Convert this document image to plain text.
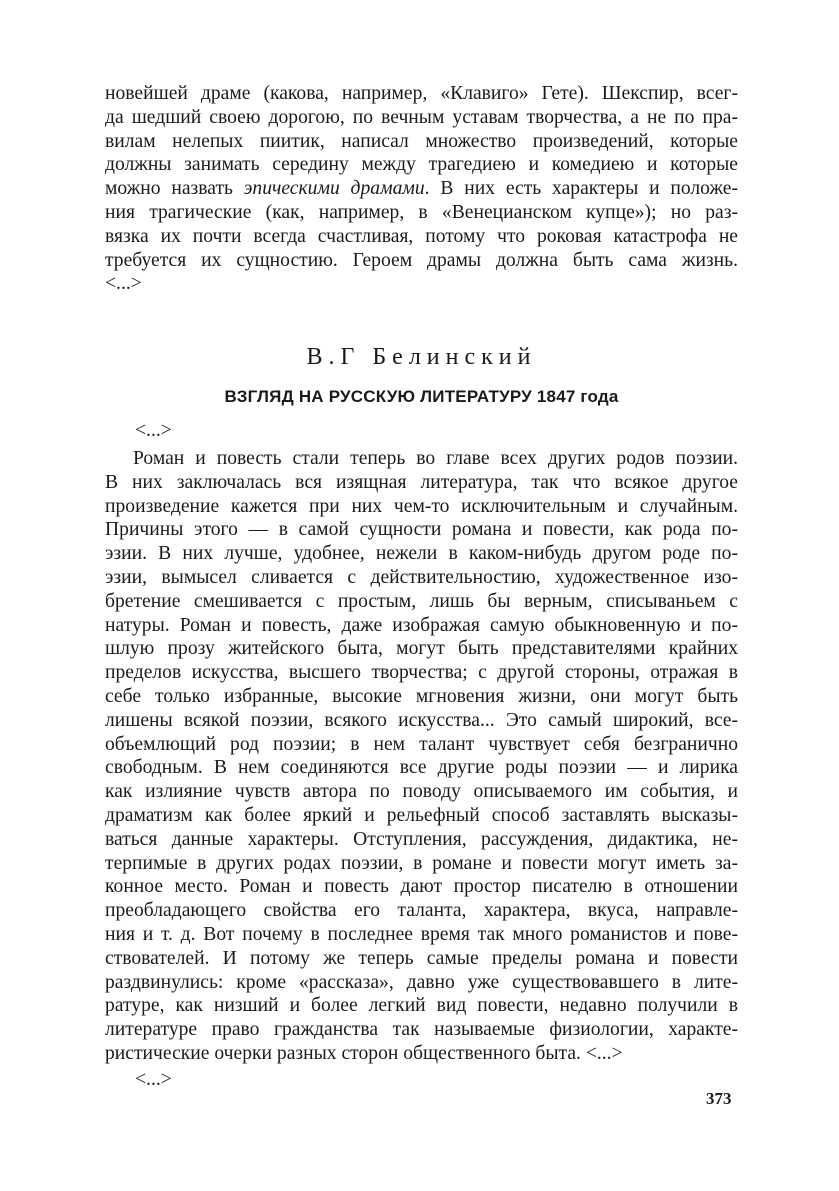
новейшей драме (какова, например, «Клавиго» Гете). Шекспир, всег-
да шедший своею дорогою, по вечным уставам творчества, а не по пра-
вилам нелепых пиитик, написал множество произведений, которые
должны занимать середину между трагедиею и комедиею и которые
можно назвать эпическими драмами. В них есть характеры и положе-
ния трагические (как, например, в «Венецианском купце»); но раз-
вязка их почти всегда счастливая, потому что роковая катастрофа не
требуется их сущностию. Героем драмы должна быть сама жизнь.
<...>
В.Г Белинский
ВЗГЛЯД НА РУССКУЮ ЛИТЕРАТУРУ 1847 года
<...>
Роман и повесть стали теперь во главе всех других родов поэзии.
В них заключалась вся изящная литература, так что всякое другое
произведение кажется при них чем-то исключительным и случайным.
Причины этого — в самой сущности романа и повести, как рода по-
эзии. В них лучше, удобнее, нежели в каком-нибудь другом роде по-
эзии, вымысел сливается с действительностию, художественное изо-
бретение смешивается с простым, лишь бы верным, списываньем с
натуры. Роман и повесть, даже изображая самую обыкновенную и по-
шлую прозу житейского быта, могут быть представителями крайних
пределов искусства, высшего творчества; с другой стороны, отражая в
себе только избранные, высокие мгновения жизни, они могут быть
лишены всякой поэзии, всякого искусства... Это самый широкий, все-
объемлющий род поэзии; в нем талант чувствует себя безгранично
свободным. В нем соединяются все другие роды поэзии — и лирика
как излияние чувств автора по поводу описываемого им события, и
драматизм как более яркий и рельефный способ заставлять высказы-
ваться данные характеры. Отступления, рассуждения, дидактика, не-
терпимые в других родах поэзии, в романе и повести могут иметь за-
конное место. Роман и повесть дают простор писателю в отношении
преобладающего свойства его таланта, характера, вкуса, направле-
ния и т. д. Вот почему в последнее время так много романистов и пове-
ствователей. И потому же теперь самые пределы романа и повести
раздвинулись: кроме «рассказа», давно уже существовавшего в лите-
ратуре, как низший и более легкий вид повести, недавно получили в
литературе право гражданства так называемые физиологии, характе-
ристические очерки разных сторон общественного быта. <...>
<...>
373
